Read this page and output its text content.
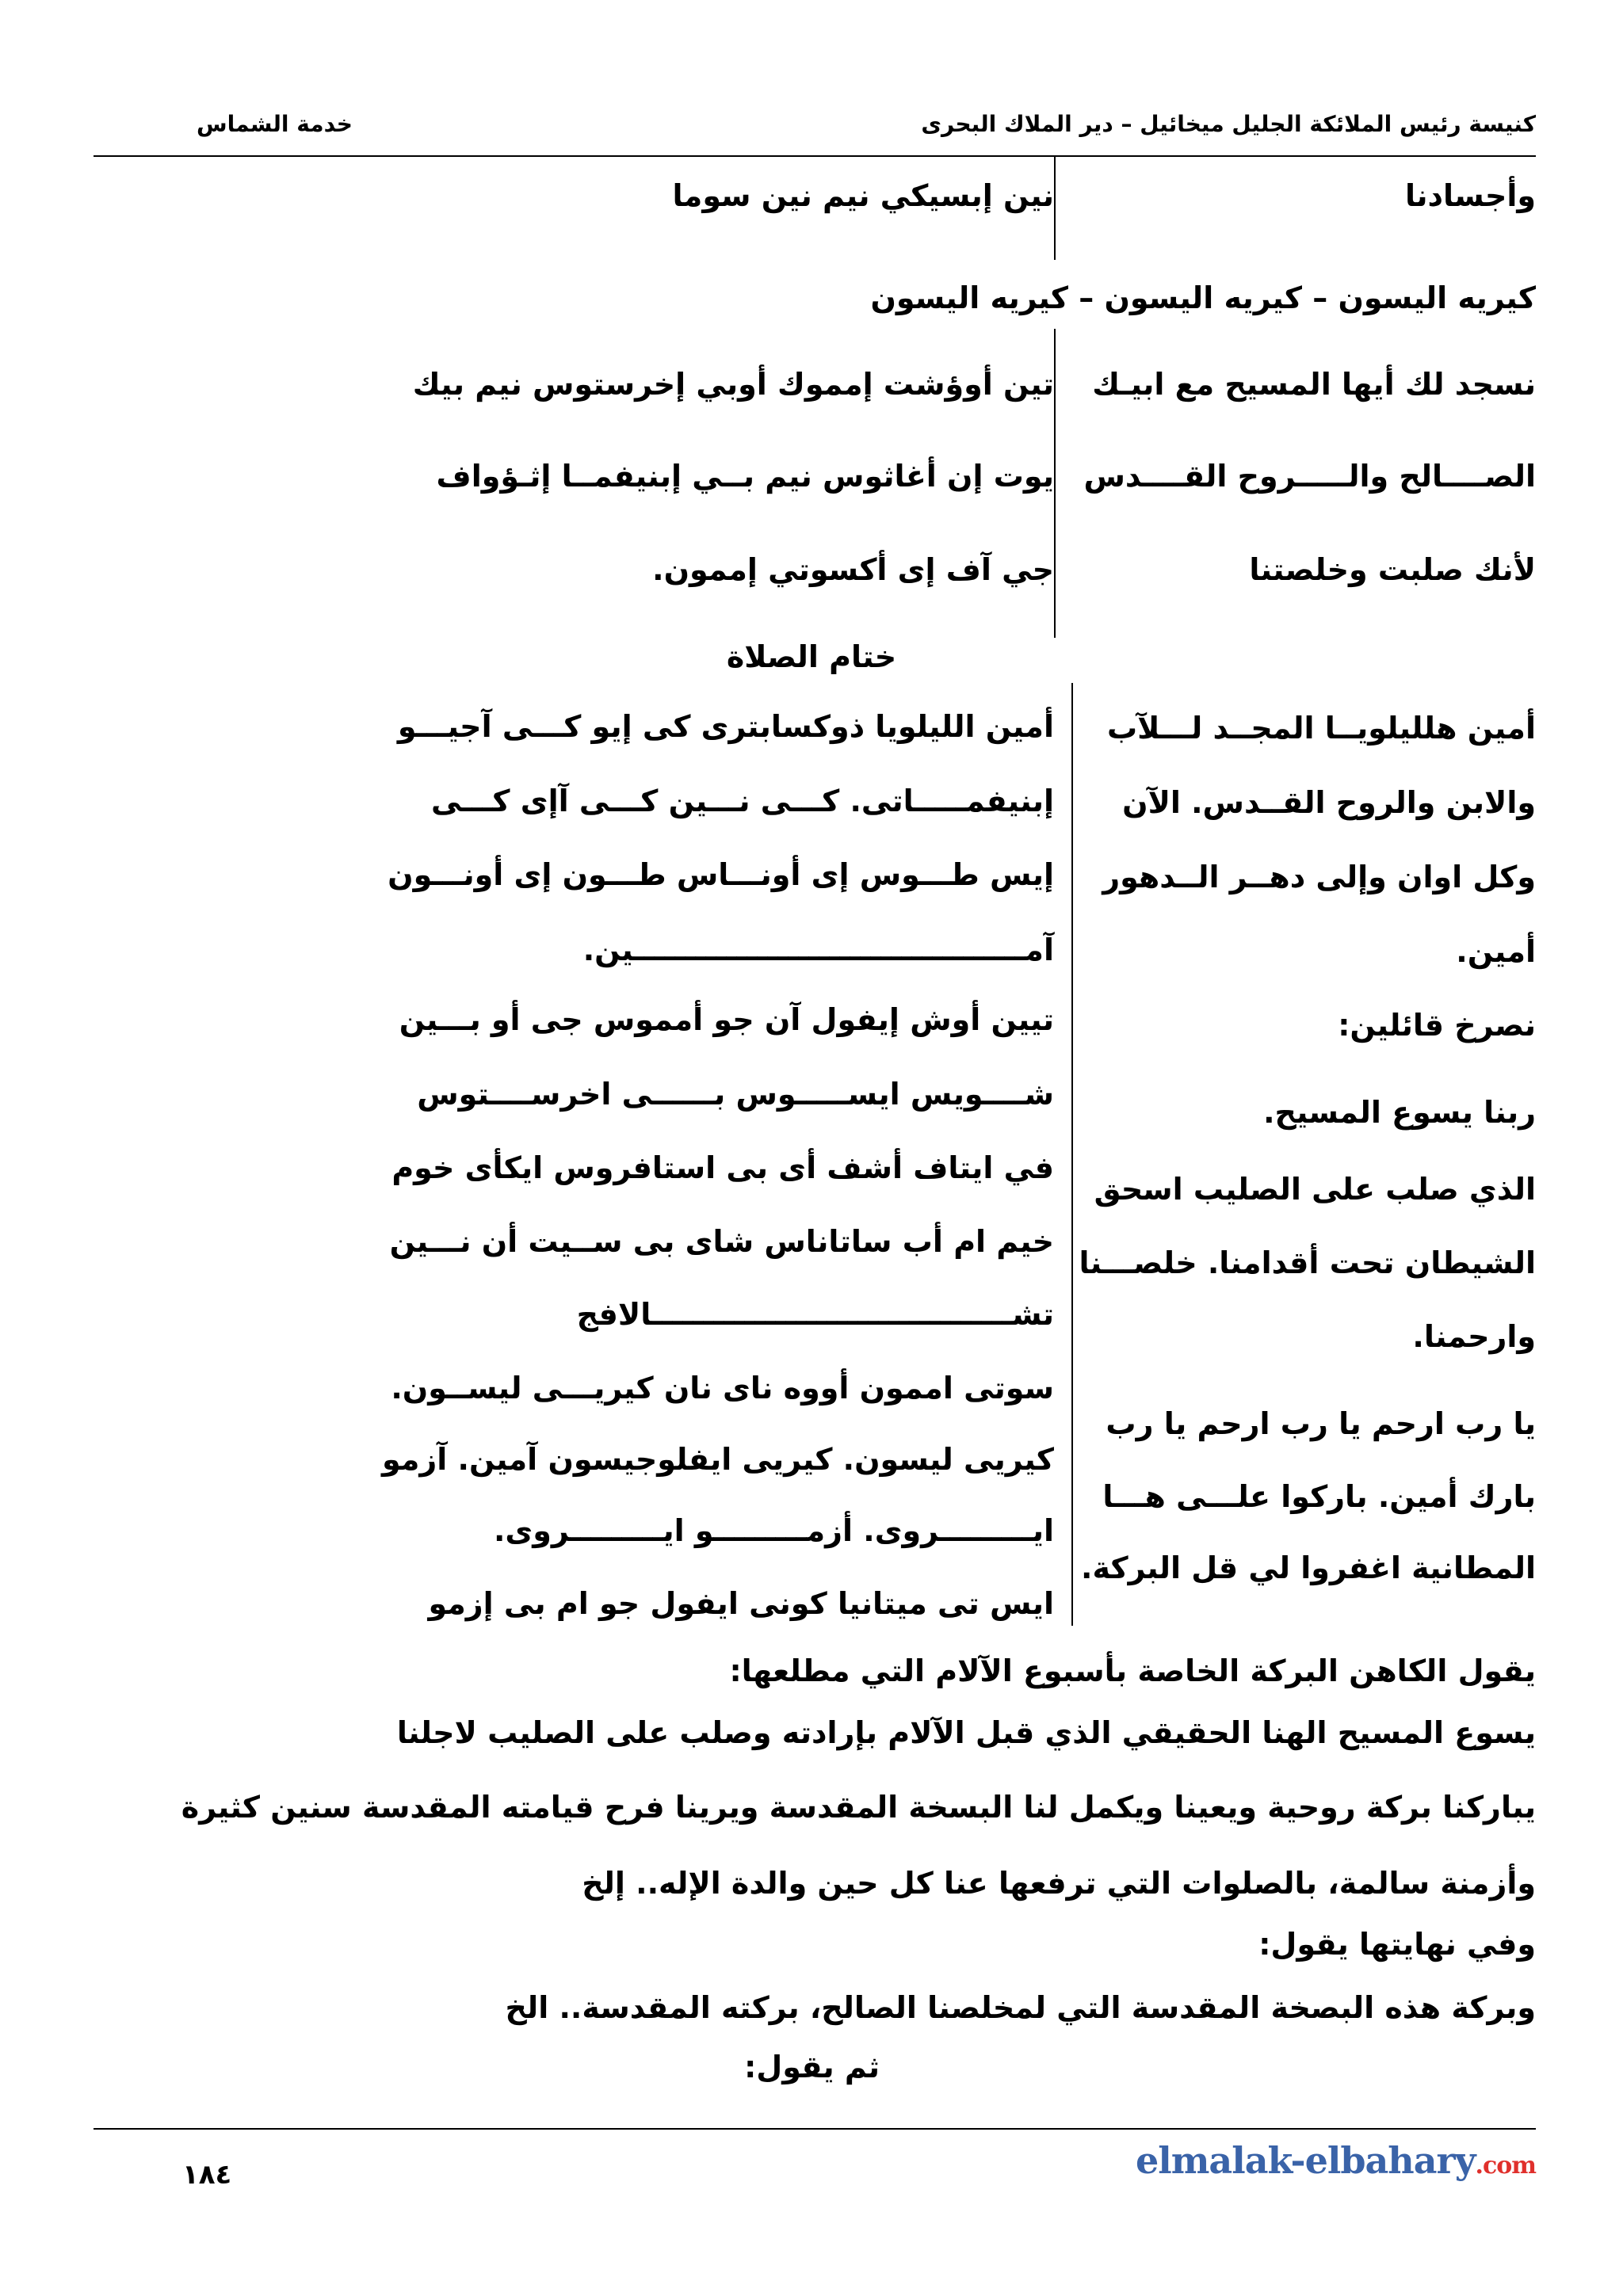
كنيسة رئيس الملائكة الجليل ميخائيل – دير الملاك البحرى
خدمة الشماس
وأجسادنا
نين إبسيكي نيم نين سوما
كيريه اليسون – كيريه اليسون – كيريه اليسون
نسجد لك أيها المسيح مع ابيـك
تين أوؤشت إمموك أوبي إخرستوس نيم بيك
الصــــالح والـــــروح القــــدس
يوت إن أغاثوس نيم بــي إبنيفمــا إثـؤواف
لأنك صلبت وخلصتنا
جي آف إى أكسوتي إممون.
ختام الصلاة
أمين هلليلويــا المجــد لـــلآب
والابن والروح القــدس. الآن
وكل اوان وإلى دهــر الــدهور
أمين.
نصرخ قائلين:
ربنا يسوع المسيح.
الذي صلب على الصليب اسحق
الشيطان تحت أقدامنا. خلصـــنا
وارحمنا.
يا رب ارحم يا رب ارحم يا رب
بارك أمين. باركوا علـــى هـــا
المطانية اغفروا لي قل البركة.
أمين الليلويا ذوكسابترى كى إيو كـــى آجيـــو
إبنيفمـــــاتى. كـــى نـــين كـــى آإى كـــى
إيس طـــوس إى أونـــاس طـــون إى أونـــون
آمــــــــــــــــــــــــــــــــــــــين.
تيين أوش إيفول آن جو أمموس جى أو بـــين
شــــويس ايســـــوس بــــــى اخرســــتوس
في ايتاف أشف أى بى استافروس ايكأى خوم
خيم ام أب ساتاناس شاى بى ســيت أن نـــين
تشـــــــــــــــــــــــــــــــــــالافج
سوتى اممون أووه ناى نان كيريـــى ليســون.
كيريى ليسون. كيريى ايفلوجيسون آمين. آزمو
ايـــــــــروى. أزمـــــــــو ايـــــــــروى.
ايس تى ميتانيا كونى ايفول جو ام بى إزمو
يقول الكاهن البركة الخاصة بأسبوع الآلام التي مطلعها:
يسوع المسيح الهنا الحقيقي الذي قبل الآلام بإرادته وصلب على الصليب لاجلنا
يباركنا بركة روحية ويعينا ويكمل لنا البسخة المقدسة ويرينا فرح قيامته المقدسة سنين كثيرة
وأزمنة سالمة، بالصلوات التي ترفعها عنا كل حين والدة الإله.. إلخ
وفي نهايتها يقول:
وبركة هذه البصخة المقدسة التي لمخلصنا الصالح، بركته المقدسة.. الخ
ثم يقول:
١٨٤	elmalak-elbahary.com
